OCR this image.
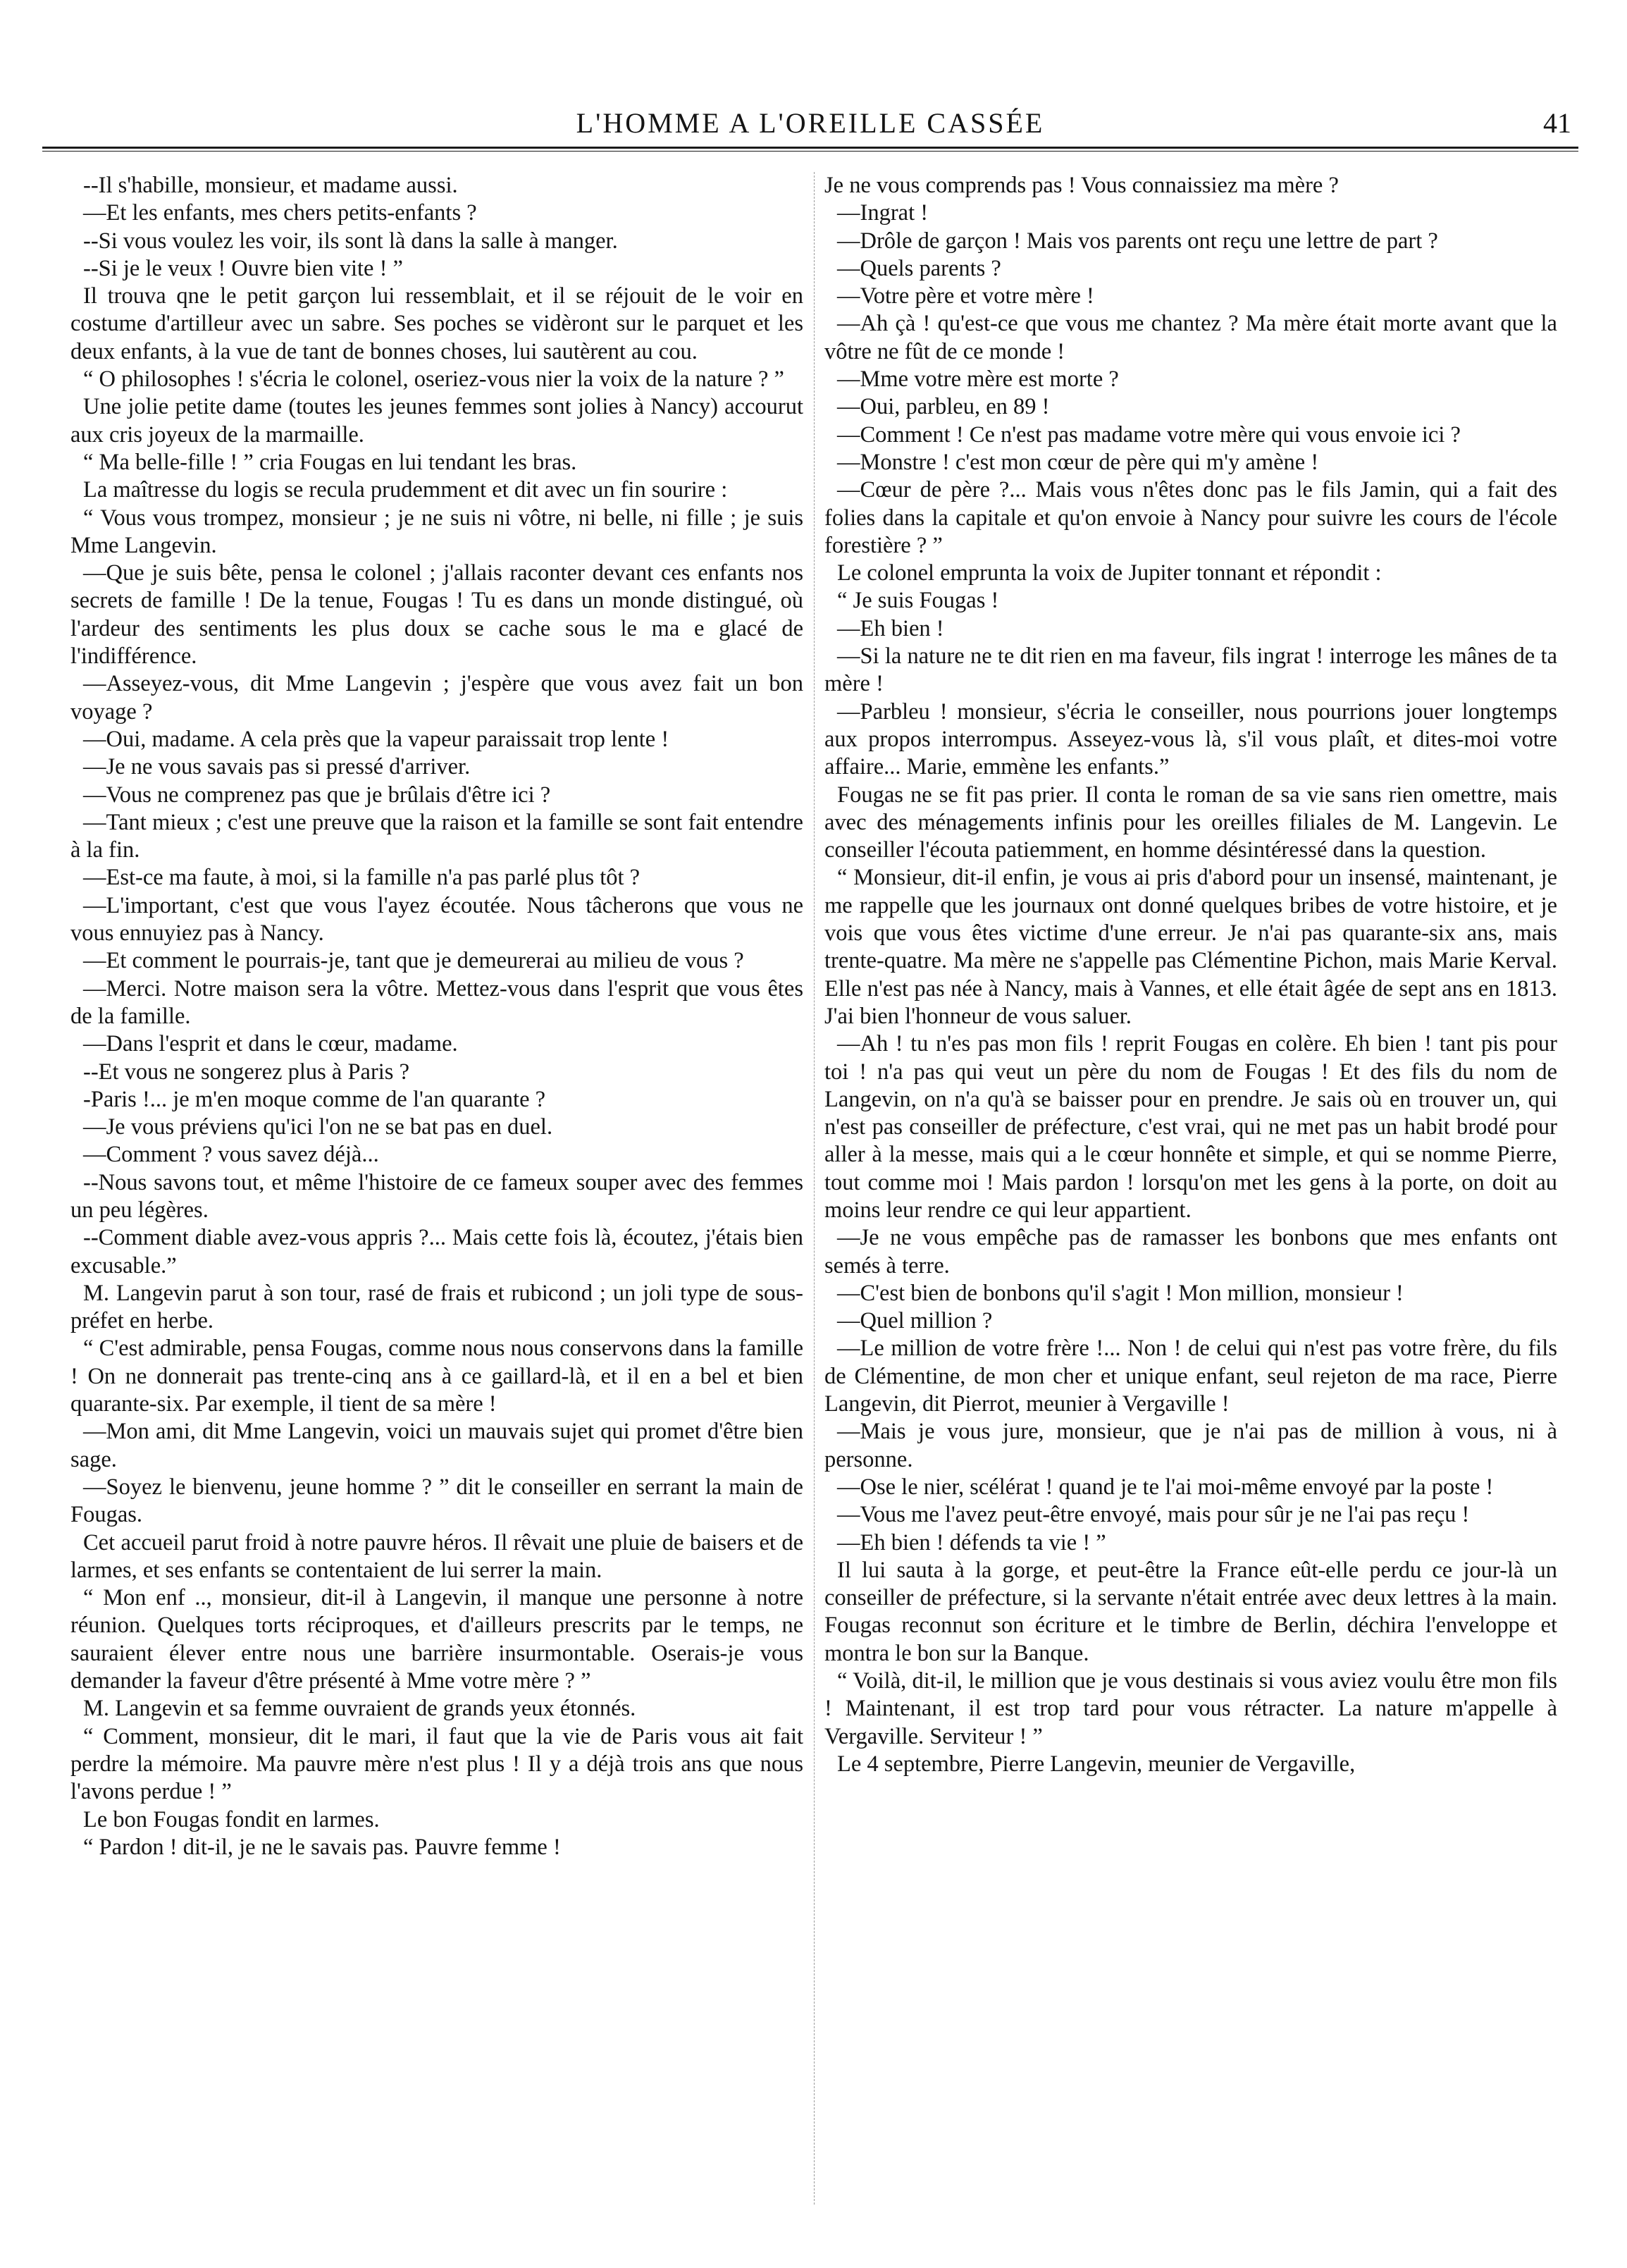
L'HOMME A L'OREILLE CASSÉE	41

--Il s'habille, monsieur, et madame aussi.

—Et les enfants, mes chers petits-enfants ?

--Si vous voulez les voir, ils sont là dans la salle à manger.

--Si je le veux ! Ouvre bien vite ! ”

Il trouva qne le petit garçon lui ressemblait, et il se réjouit de le voir en costume d'artilleur avec un sabre. Ses poches se vidèront sur le parquet et les deux enfants, à la vue de tant de bonnes choses, lui sautèrent au cou.

“ O philosophes ! s'écria le colonel, oseriez-vous nier la voix de la nature ? ”

Une jolie petite dame (toutes les jeunes femmes sont jolies à Nancy) accourut aux cris joyeux de la marmaille.

“ Ma belle-fille ! ” cria Fougas en lui tendant les bras.

La maîtresse du logis se recula prudemment et dit avec un fin sourire :

“ Vous vous trompez, monsieur ; je ne suis ni vôtre, ni belle, ni fille ; je suis Mme Langevin.

—Que je suis bête, pensa le colonel ; j'allais raconter devant ces enfants nos secrets de famille ! De la tenue, Fougas ! Tu es dans un monde distingué, où l'ardeur des sentiments les plus doux se cache sous le ma e glacé de l'indifférence.

—Asseyez-vous, dit Mme Langevin ; j'espère que vous avez fait un bon voyage ?

—Oui, madame. A cela près que la vapeur paraissait trop lente !

—Je ne vous savais pas si pressé d'arriver.

—Vous ne comprenez pas que je brûlais d'être ici ?

—Tant mieux ; c'est une preuve que la raison et la famille se sont fait entendre à la fin.

—Est-ce ma faute, à moi, si la famille n'a pas parlé plus tôt ?

—L'important, c'est que vous l'ayez écoutée. Nous tâcherons que vous ne vous ennuyiez pas à Nancy.

—Et comment le pourrais-je, tant que je demeurerai au milieu de vous ?

—Merci. Notre maison sera la vôtre. Mettez-vous dans l'esprit que vous êtes de la famille.

—Dans l'esprit et dans le cœur, madame.

--Et vous ne songerez plus à Paris ?

-Paris !... je m'en moque comme de l'an quarante ?

—Je vous préviens qu'ici l'on ne se bat pas en duel.

—Comment ? vous savez déjà...

--Nous savons tout, et même l'histoire de ce fameux souper avec des femmes un peu légères.

--Comment diable avez-vous appris ?... Mais cette fois là, écoutez, j'étais bien excusable.”

M. Langevin parut à son tour, rasé de frais et rubicond ; un joli type de sous-préfet en herbe.

“ C'est admirable, pensa Fougas, comme nous nous conservons dans la famille ! On ne donnerait pas trente-cinq ans à ce gaillard-là, et il en a bel et bien quarante-six. Par exemple, il tient de sa mère !

—Mon ami, dit Mme Langevin, voici un mauvais sujet qui promet d'être bien sage.

—Soyez le bienvenu, jeune homme ? ” dit le conseiller en serrant la main de Fougas.

Cet accueil parut froid à notre pauvre héros. Il rêvait une pluie de baisers et de larmes, et ses enfants se contentaient de lui serrer la main.

“ Mon enf .., monsieur, dit-il à Langevin, il manque une personne à notre réunion. Quelques torts réciproques, et d'ailleurs prescrits par le temps, ne sauraient élever entre nous une barrière insurmontable. Oserais-je vous demander la faveur d'être présenté à Mme votre mère ? ”

M. Langevin et sa femme ouvraient de grands yeux étonnés.

“ Comment, monsieur, dit le mari, il faut que la vie de Paris vous ait fait perdre la mémoire. Ma pauvre mère n'est plus ! Il y a déjà trois ans que nous l'avons perdue ! ”

Le bon Fougas fondit en larmes.

“ Pardon ! dit-il, je ne le savais pas. Pauvre femme !

Je ne vous comprends pas ! Vous connaissiez ma mère ?

—Ingrat !

—Drôle de garçon ! Mais vos parents ont reçu une lettre de part ?

—Quels parents ?

—Votre père et votre mère !

—Ah çà ! qu'est-ce que vous me chantez ? Ma mère était morte avant que la vôtre ne fût de ce monde !

—Mme votre mère est morte ?

—Oui, parbleu, en 89 !

—Comment ! Ce n'est pas madame votre mère qui vous envoie ici ?

—Monstre ! c'est mon cœur de père qui m'y amène !

—Cœur de père ?... Mais vous n'êtes donc pas le fils Jamin, qui a fait des folies dans la capitale et qu'on envoie à Nancy pour suivre les cours de l'école forestière ? ”

Le colonel emprunta la voix de Jupiter tonnant et répondit :

“ Je suis Fougas !

—Eh bien !

—Si la nature ne te dit rien en ma faveur, fils ingrat ! interroge les mânes de ta mère !

—Parbleu ! monsieur, s'écria le conseiller, nous pourrions jouer longtemps aux propos interrompus. Asseyez-vous là, s'il vous plaît, et dites-moi votre affaire... Marie, emmène les enfants.”

Fougas ne se fit pas prier. Il conta le roman de sa vie sans rien omettre, mais avec des ménagements infinis pour les oreilles filiales de M. Langevin. Le conseiller l'écouta patiemment, en homme désintéressé dans la question.

“ Monsieur, dit-il enfin, je vous ai pris d'abord pour un insensé, maintenant, je me rappelle que les journaux ont donné quelques bribes de votre histoire, et je vois que vous êtes victime d'une erreur. Je n'ai pas quarante-six ans, mais trente-quatre. Ma mère ne s'appelle pas Clémentine Pichon, mais Marie Kerval. Elle n'est pas née à Nancy, mais à Vannes, et elle était âgée de sept ans en 1813. J'ai bien l'honneur de vous saluer.

—Ah ! tu n'es pas mon fils ! reprit Fougas en colère. Eh bien ! tant pis pour toi ! n'a pas qui veut un père du nom de Fougas ! Et des fils du nom de Langevin, on n'a qu'à se baisser pour en prendre. Je sais où en trouver un, qui n'est pas conseiller de préfecture, c'est vrai, qui ne met pas un habit brodé pour aller à la messe, mais qui a le cœur honnête et simple, et qui se nomme Pierre, tout comme moi ! Mais pardon ! lorsqu'on met les gens à la porte, on doit au moins leur rendre ce qui leur appartient.

—Je ne vous empêche pas de ramasser les bonbons que mes enfants ont semés à terre.

—C'est bien de bonbons qu'il s'agit ! Mon million, monsieur !

—Quel million ?

—Le million de votre frère !... Non ! de celui qui n'est pas votre frère, du fils de Clémentine, de mon cher et unique enfant, seul rejeton de ma race, Pierre Langevin, dit Pierrot, meunier à Vergaville !

—Mais je vous jure, monsieur, que je n'ai pas de million à vous, ni à personne.

—Ose le nier, scélérat ! quand je te l'ai moi-même envoyé par la poste !

—Vous me l'avez peut-être envoyé, mais pour sûr je ne l'ai pas reçu !

—Eh bien ! défends ta vie ! ”

Il lui sauta à la gorge, et peut-être la France eût-elle perdu ce jour-là un conseiller de préfecture, si la servante n'était entrée avec deux lettres à la main. Fougas reconnut son écriture et le timbre de Berlin, déchira l'enveloppe et montra le bon sur la Banque.

“ Voilà, dit-il, le million que je vous destinais si vous aviez voulu être mon fils ! Maintenant, il est trop tard pour vous rétracter. La nature m'appelle à Vergaville. Serviteur ! ”

Le 4 septembre, Pierre Langevin, meunier de Vergaville,
